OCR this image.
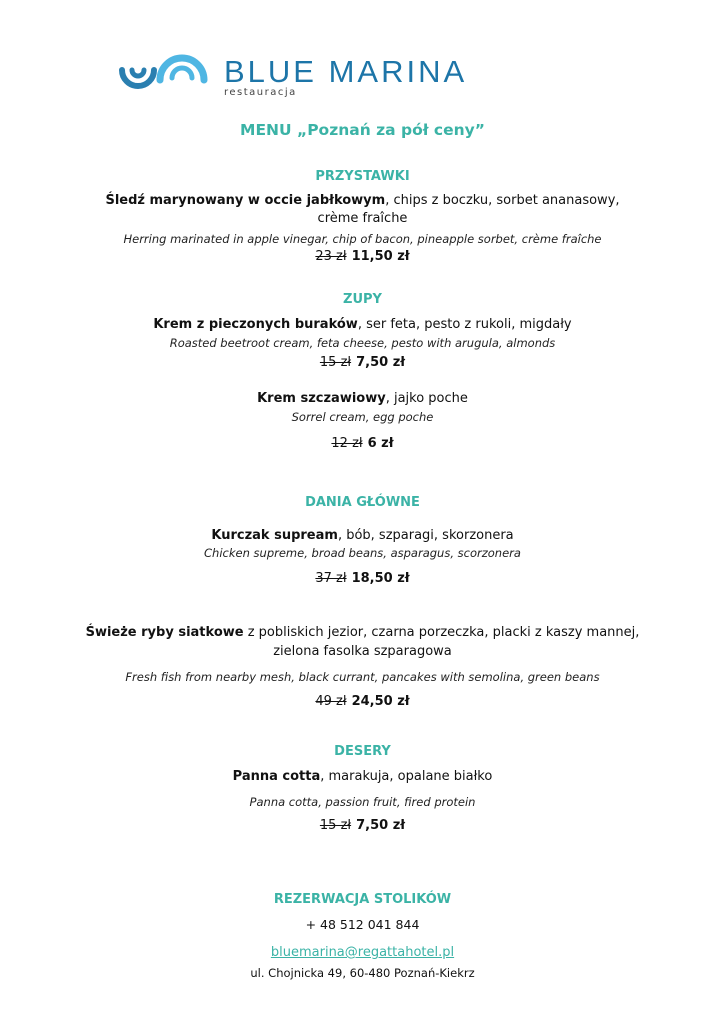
BLUE MARINA
restauracja
MENU „Poznań za pół ceny”
PRZYSTAWKI
Śledź marynowany w occie jabłkowym, chips z boczku, sorbet ananasowy,
crème fraîche
Herring marinated in apple vinegar, chip of bacon, pineapple sorbet, crème fraîche
23 zł 11,50 zł
ZUPY
Krem z pieczonych buraków, ser feta, pesto z rukoli, migdały
Roasted beetroot cream, feta cheese, pesto with arugula, almonds
15 zł 7,50 zł
Krem szczawiowy, jajko poche
Sorrel cream, egg poche
12 zł 6 zł
DANIA GŁÓWNE
Kurczak supream, bób, szparagi, skorzonera
Chicken supreme, broad beans, asparagus, scorzonera
37 zł 18,50 zł
Świeże ryby siatkowe z pobliskich jezior, czarna porzeczka, placki z kaszy mannej,
zielona fasolka szparagowa
Fresh fish from nearby mesh, black currant, pancakes with semolina, green beans
49 zł 24,50 zł
DESERY
Panna cotta, marakuja, opalane białko
Panna cotta, passion fruit, fired protein
15 zł 7,50 zł
REZERWACJA STOLIKÓW
+ 48 512 041 844
bluemarina@regattahotel.pl
ul. Chojnicka 49, 60-480 Poznań-Kiekrz
